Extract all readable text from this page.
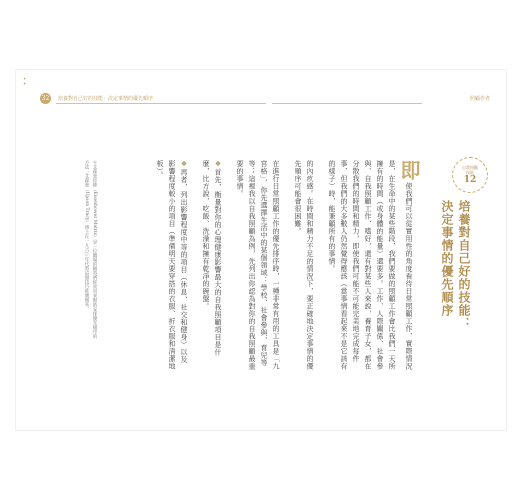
✦✦
32	培養對自己好的技能：決定事情的優先順序	照顧作者
自我照顧
技能
12
培養對自己好的技能：
決定事情的優先順序

即使我們可以從實用性的角度看待日常照顧工作，實際情況是，在生命中的某些階段，我們要做的照顧工作會比我們一天所擁有的時間（或身體的能量）還要多。工作、人際關係、社會參與、自我照顧工作、嗜好，還有對某些人來說，養育子女，都在分散我們的時間和精力，即使我們可能不可能完美地完成每件事，但我們的大多數人仍然覺得應該（當事情看起來不是它該有的樣子）時，能兼顧所有的事情。

的內疚感。在時間和精力不足的情況下，要正確地決定事情的優先順序可能會很困難。

在進行日常照顧工作的優先排序時，一種非常有用的工具是「九宮格」，你先選擇生活中的某個領域：學校、社會參與、育兒等等；這裡我以自我照顧為例，先列出你認為對你的自我照顧最重要的事情。

❖首先，衡量對你的心理健康影響最大的自我照顧項目是什麼，比方說，吃飯、洗澡和擁有乾淨的碗盤。

❖再者，列出影響程度中等的項目（休息、社交和健身）以及影響程度較小的項目（準備明天要穿搭的衣服、折衣服和清潔地板）。

＊艾森豪矩陣（Eisenhower Matrix）是一位職場的精英們經常用來幫助安排優先順序的方法；艾森豪（Upson Tracy）博士在一九六○年代將這個技巧推廣開來。
